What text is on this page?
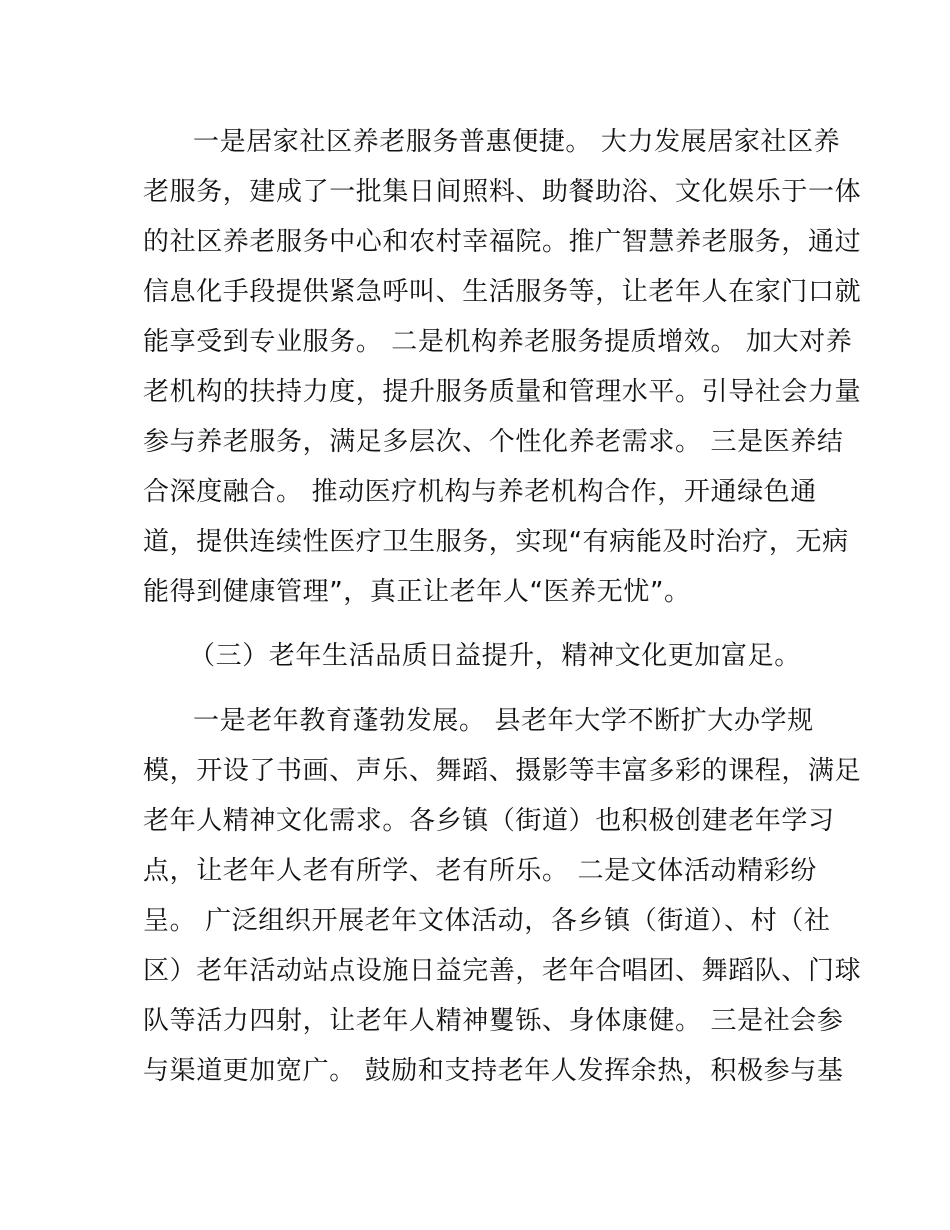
一是居家社区养老服务普惠便捷。 大力发展居家社区养
老服务，建成了一批集日间照料、助餐助浴、文化娱乐于一体
的社区养老服务中心和农村幸福院。推广智慧养老服务，通过
信息化手段提供紧急呼叫、生活服务等，让老年人在家门口就
能享受到专业服务。 二是机构养老服务提质增效。 加大对养
老机构的扶持力度，提升服务质量和管理水平。引导社会力量
参与养老服务，满足多层次、个性化养老需求。 三是医养结
合深度融合。 推动医疗机构与养老机构合作，开通绿色通
道，提供连续性医疗卫生服务，实现“有病能及时治疗，无病
能得到健康管理”，真正让老年人“医养无忧”。
（三）老年生活品质日益提升，精神文化更加富足。
一是老年教育蓬勃发展。 县老年大学不断扩大办学规
模，开设了书画、声乐、舞蹈、摄影等丰富多彩的课程，满足
老年人精神文化需求。各乡镇（街道）也积极创建老年学习
点，让老年人老有所学、老有所乐。 二是文体活动精彩纷
呈。 广泛组织开展老年文体活动，各乡镇（街道）、村（社
区）老年活动站点设施日益完善，老年合唱团、舞蹈队、门球
队等活力四射，让老年人精神矍铄、身体康健。 三是社会参
与渠道更加宽广。 鼓励和支持老年人发挥余热，积极参与基
